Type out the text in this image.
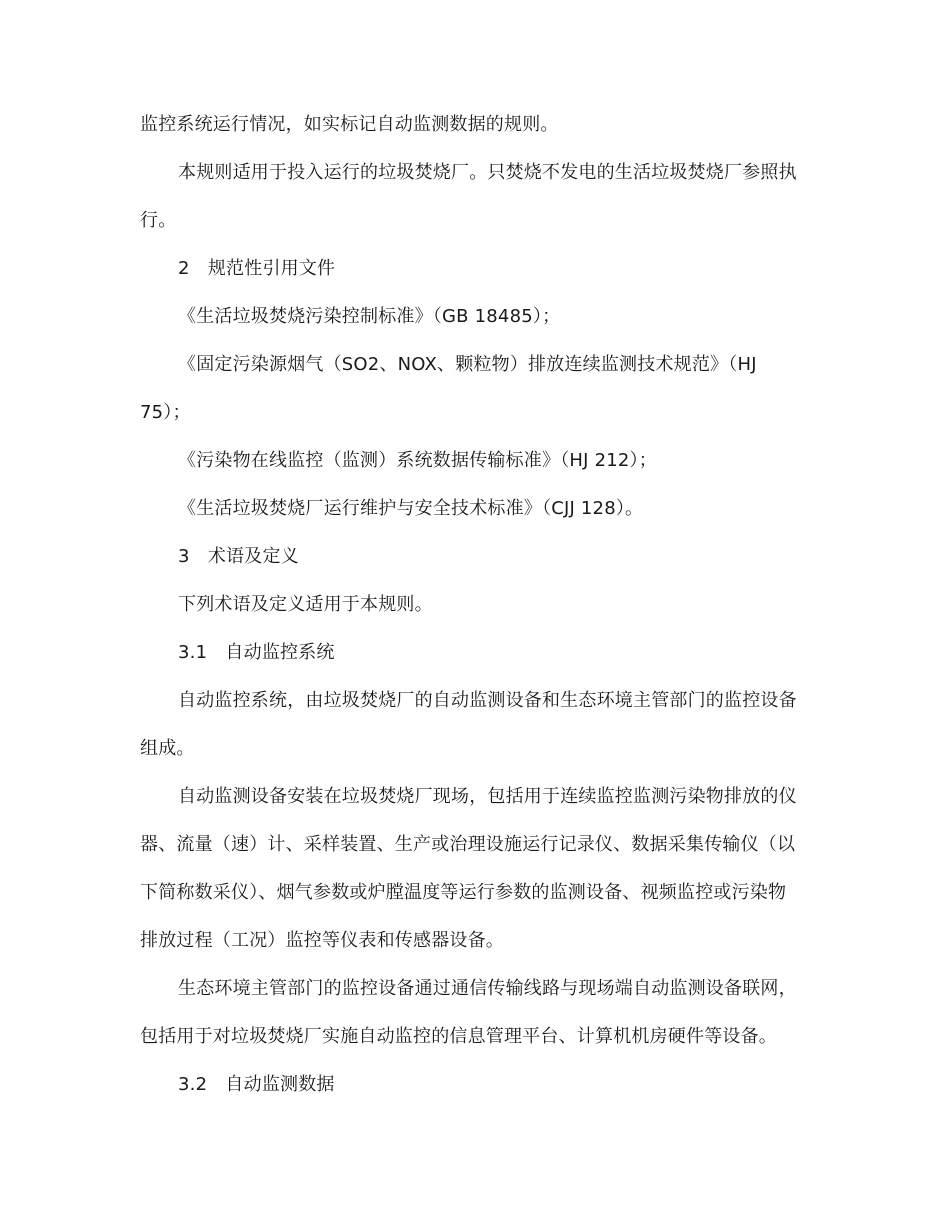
监控系统运行情况，如实标记自动监测数据的规则。
本规则适用于投入运行的垃圾焚烧厂。只焚烧不发电的生活垃圾焚烧厂参照执
行。
2　规范性引用文件
《生活垃圾焚烧污染控制标准》（GB 18485）；
《固定污染源烟气（SO2、NOX、颗粒物）排放连续监测技术规范》（HJ
75）；
《污染物在线监控（监测）系统数据传输标准》（HJ 212）；
《生活垃圾焚烧厂运行维护与安全技术标准》（CJJ 128）。
3　术语及定义
下列术语及定义适用于本规则。
3.1　自动监控系统
自动监控系统，由垃圾焚烧厂的自动监测设备和生态环境主管部门的监控设备
组成。
自动监测设备安装在垃圾焚烧厂现场，包括用于连续监控监测污染物排放的仪
器、流量（速）计、采样装置、生产或治理设施运行记录仪、数据采集传输仪（以
下简称数采仪）、烟气参数或炉膛温度等运行参数的监测设备、视频监控或污染物
排放过程（工况）监控等仪表和传感器设备。
生态环境主管部门的监控设备通过通信传输线路与现场端自动监测设备联网，
包括用于对垃圾焚烧厂实施自动监控的信息管理平台、计算机机房硬件等设备。
3.2　自动监测数据
